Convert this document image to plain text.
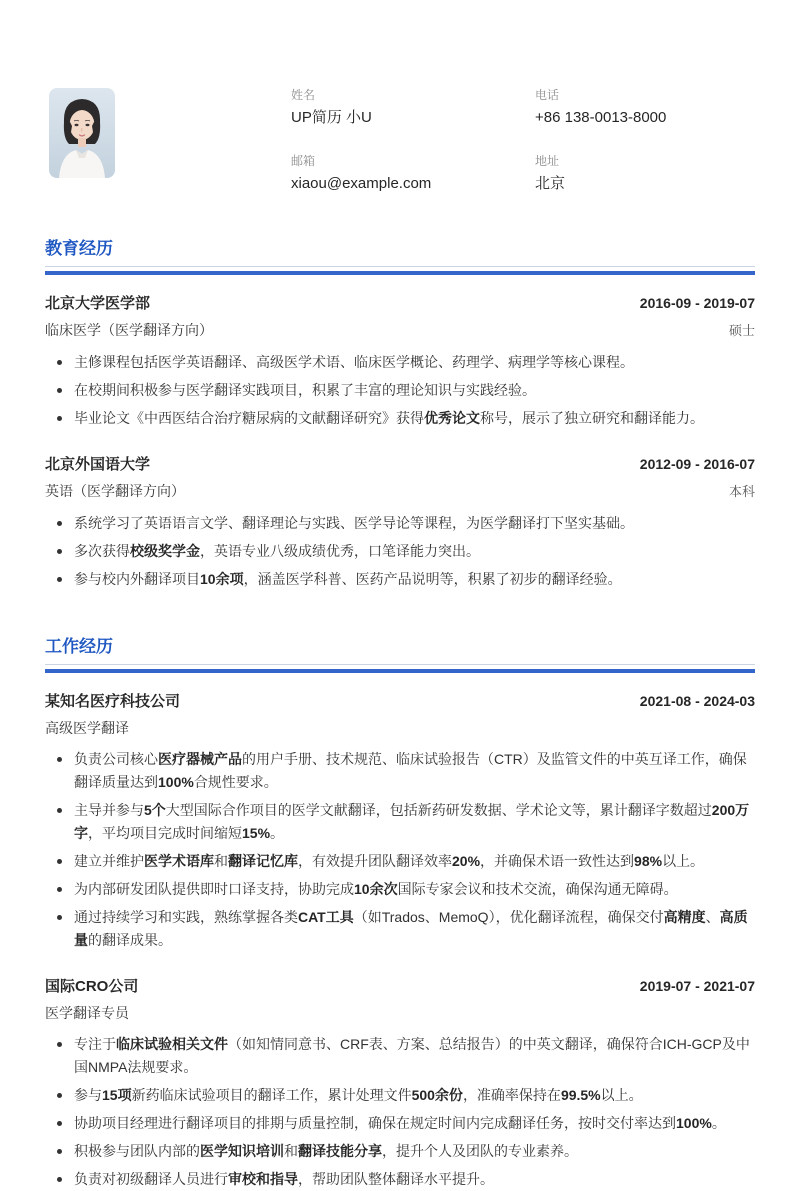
姓名
UP简历 小U
电话
+86 138-0013-8000
邮箱
xiaou@example.com
地址
北京
教育经历
北京大学医学部	2016-09 - 2019-07
临床医学（医学翻译方向）	硕士
主修课程包括医学英语翻译、高级医学术语、临床医学概论、药理学、病理学等核心课程。
在校期间积极参与医学翻译实践项目，积累了丰富的理论知识与实践经验。
毕业论文《中西医结合治疗糖尿病的文献翻译研究》获得优秀论文称号，展示了独立研究和翻译能力。
北京外国语大学	2012-09 - 2016-07
英语（医学翻译方向）	本科
系统学习了英语语言文学、翻译理论与实践、医学导论等课程，为医学翻译打下坚实基础。
多次获得校级奖学金，英语专业八级成绩优秀，口笔译能力突出。
参与校内外翻译项目10余项，涵盖医学科普、医药产品说明等，积累了初步的翻译经验。
工作经历
某知名医疗科技公司	2021-08 - 2024-03
高级医学翻译
负责公司核心医疗器械产品的用户手册、技术规范、临床试验报告（CTR）及监管文件的中英互译工作，确保翻译质量达到100%合规性要求。
主导并参与5个大型国际合作项目的医学文献翻译，包括新药研发数据、学术论文等，累计翻译字数超过200万字，平均项目完成时间缩短15%。
建立并维护医学术语库和翻译记忆库，有效提升团队翻译效率20%，并确保术语一致性达到98%以上。
为内部研发团队提供即时口译支持，协助完成10余次国际专家会议和技术交流，确保沟通无障碍。
通过持续学习和实践，熟练掌握各类CAT工具（如Trados、MemoQ），优化翻译流程，确保交付高精度、高质量的翻译成果。
国际CRO公司	2019-07 - 2021-07
医学翻译专员
专注于临床试验相关文件（如知情同意书、CRF表、方案、总结报告）的中英文翻译，确保符合ICH-GCP及中国NMPA法规要求。
参与15项新药临床试验项目的翻译工作，累计处理文件500余份，准确率保持在99.5%以上。
协助项目经理进行翻译项目的排期与质量控制，确保在规定时间内完成翻译任务，按时交付率达到100%。
积极参与团队内部的医学知识培训和翻译技能分享，提升个人及团队的专业素养。
负责对初级翻译人员进行审校和指导，帮助团队整体翻译水平提升。
